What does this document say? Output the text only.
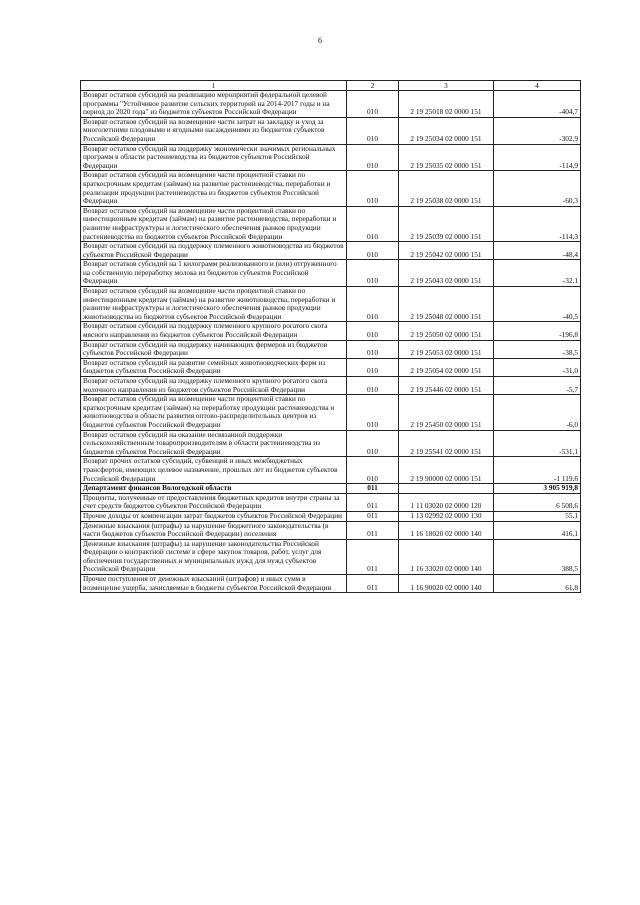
6
1	2	3	4
Возврат остатков субсидий на реализацию мероприятий федеральной целевой программы "Устойчивое развитие сельских территорий на 2014-2017 годы и на период до 2020 года" из бюджетов субъектов Российской Федерации	010	2 19 25018 02 0000 151	-404,7
Возврат остатков субсидий на возмещение части затрат на закладку и уход за многолетними плодовыми и ягодными насаждениями из бюджетов субъектов Российской Федерации	010	2 19 25034 02 0000 151	-302,9
Возврат остатков субсидий на поддержку экономически значимых региональных программ в области растениеводства из бюджетов субъектов Российской Федерации	010	2 19 25035 02 0000 151	-114,9
Возврат остатков субсидий на возмещение части процентной ставки по краткосрочным кредитам (займам) на развитие растениеводства, переработки и реализации продукции растениеводства из бюджетов субъектов Российской Федерации	010	2 19 25038 02 0000 151	-60,3
Возврат остатков субсидий на возмещение части процентной ставки по инвестиционным кредитам (займам) на развитие растениеводства, переработки и развитие инфраструктуры и логистического обеспечения рынков продукции растениеводства из бюджетов субъектов Российской Федерации	010	2 19 25039 02 0000 151	-114,3
Возврат остатков субсидий на поддержку племенного животноводства из бюджетов субъектов Российской Федерации	010	2 19 25042 02 0000 151	-48,4
Возврат остатков субсидий на 1 килограмм реализованного и (или) отгруженного на собственную переработку молока из бюджетов субъектов Российской Федерации	010	2 19 25043 02 0000 151	-32,1
Возврат остатков субсидий на возмещение части процентной ставки по инвестиционным кредитам (займам) на развитие животноводства, переработки и развитие инфраструктуры и логистического обеспечения рынков продукции животноводства из бюджетов субъектов Российской Федерации	010	2 19 25048 02 0000 151	-40,5
Возврат остатков субсидий на поддержку племенного крупного рогатого скота мясного направления из бюджетов субъектов Российской Федерации	010	2 19 25050 02 0000 151	-196,8
Возврат остатков субсидий на поддержку начинающих фермеров из бюджетов субъектов Российской Федерации	010	2 19 25053 02 0000 151	-38,5
Возврат остатков субсидий на развитие семейных животноводческих ферм из бюджетов субъектов Российской Федерации	010	2 19 25054 02 0000 151	-31,0
Возврат остатков субсидий на поддержку племенного крупного рогатого скота молочного направления из бюджетов субъектов Российской Федерации	010	2 19 25446 02 0000 151	-5,7
Возврат остатков субсидий на возмещение части процентной ставки по краткосрочным кредитам (займам) на переработку продукции растениеводства и животноводства в области развития оптово-распределительных центров из бюджетов субъектов Российской Федерации	010	2 19 25450 02 0000 151	-6,0
Возврат остатков субсидий на оказание несвязанной поддержки сельскохозяйственным товаропроизводителям в области растениеводства из бюджетов субъектов Российской Федерации	010	2 19 25541 02 0000 151	-531,1
Возврат прочих остатков субсидий, субвенций и иных межбюджетных трансфертов, имеющих целевое назначение, прошлых лет из бюджетов субъектов Российской Федерации	010	2 19 90000 02 0000 151	-1 119,6
Департамент финансов Вологодской области	011		3 905 919,8
Проценты, полученные от предоставления бюджетных кредитов внутри страны за счет средств бюджетов субъектов Российской Федерации	011	1 11 03020 02 0000 120	6 508,6
Прочие доходы от компенсации затрат бюджетов субъектов Российской Федерации	011	1 13 02992 02 0000 130	55,1
Денежные взыскания (штрафы) за нарушение бюджетного законодательства (в части бюджетов субъектов Российской Федерации) поселения	011	1 16 18020 02 0000 140	416,1
Денежные взыскания (штрафы) за нарушение законодательства Российской Федерации о контрактной системе в сфере закупок товаров, работ, услуг для обеспечения государственных и муниципальных нужд для нужд субъектов Российской Федерации	011	1 16 33020 02 0000 140	388,5
Прочие поступления от денежных взысканий (штрафов) и иных сумм в возмещение ущерба, зачисляемые в бюджеты субъектов Российской Федерации	011	1 16 90020 02 0000 140	61,8
